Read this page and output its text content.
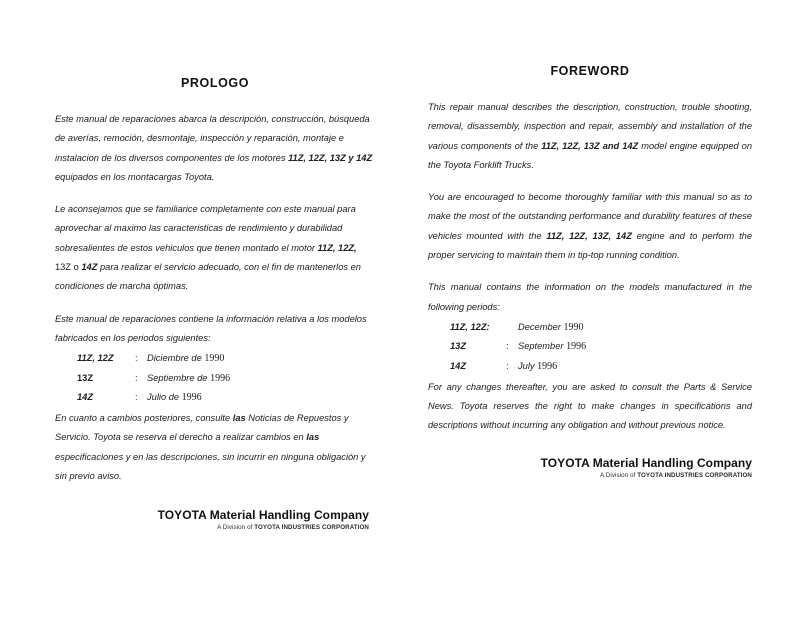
PROLOGO

Este manual de reparaciones abarca la descripción, construcción, búsqueda de averías, remoción, desmontaje, inspección y reparación, montaje e instalacion de los diversos componentes de los motores 11Z, 12Z, 13Z y 14Z equipados en los montacargas Toyota.

Le aconsejamos que se familiarice completamente con este manual para aprovechar al maximo las caracteristicas de rendimiento y durabilidad sobresalientes de estos vehiculos que tienen montado el motor 11Z, 12Z, 13Z o 14Z para realizar el servicio adecuado, con el fin de mantenerlos en condiciones de marcha óptimas.

Este manual de reparaciones contiene la información relativa a los modelos fabricados en los periodos siguientes:

11Z, 12Z	:	Diciembre de 1990
13Z	:	Septiembre de 1996
14Z	:	Julio de 1996

En cuanto a cambios posteriores, consulte las Noticias de Repuestos y Servicio. Toyota se reserva el derecho a realizar cambios en las especificaciones y en las descripciones, sin incurrir en ninguna obligación y sin previo aviso.

TOYOTA Material Handling Company
A Division of TOYOTA INDUSTRIES CORPORATION
FOREWORD

This repair manual describes the description, construction, trouble shooting, removal, disassembly, inspection and repair, assembly and installation of the various components of the 11Z, 12Z, 13Z and 14Z model engine equipped on the Toyota Forklift Trucks.

You are encouraged to become thoroughly familiar with this manual so as to make the most of the outstanding performance and durability features of these vehicles mounted with the 11Z, 12Z, 13Z, 14Z engine and to perform the proper servicing to maintain them in tip-top running condition.

This manual contains the information on the models manufactured in the following periods:

11Z, 12Z:	December 1990
13Z	:	September 1996
14Z	:	July 1996

For any changes thereafter, you are asked to consult the Parts & Service News. Toyota reserves the right to make changes in specifications and descriptions without incurring any obligation and without previous notice.

TOYOTA Material Handling Company
A Division of TOYOTA INDUSTRIES CORPORATION
